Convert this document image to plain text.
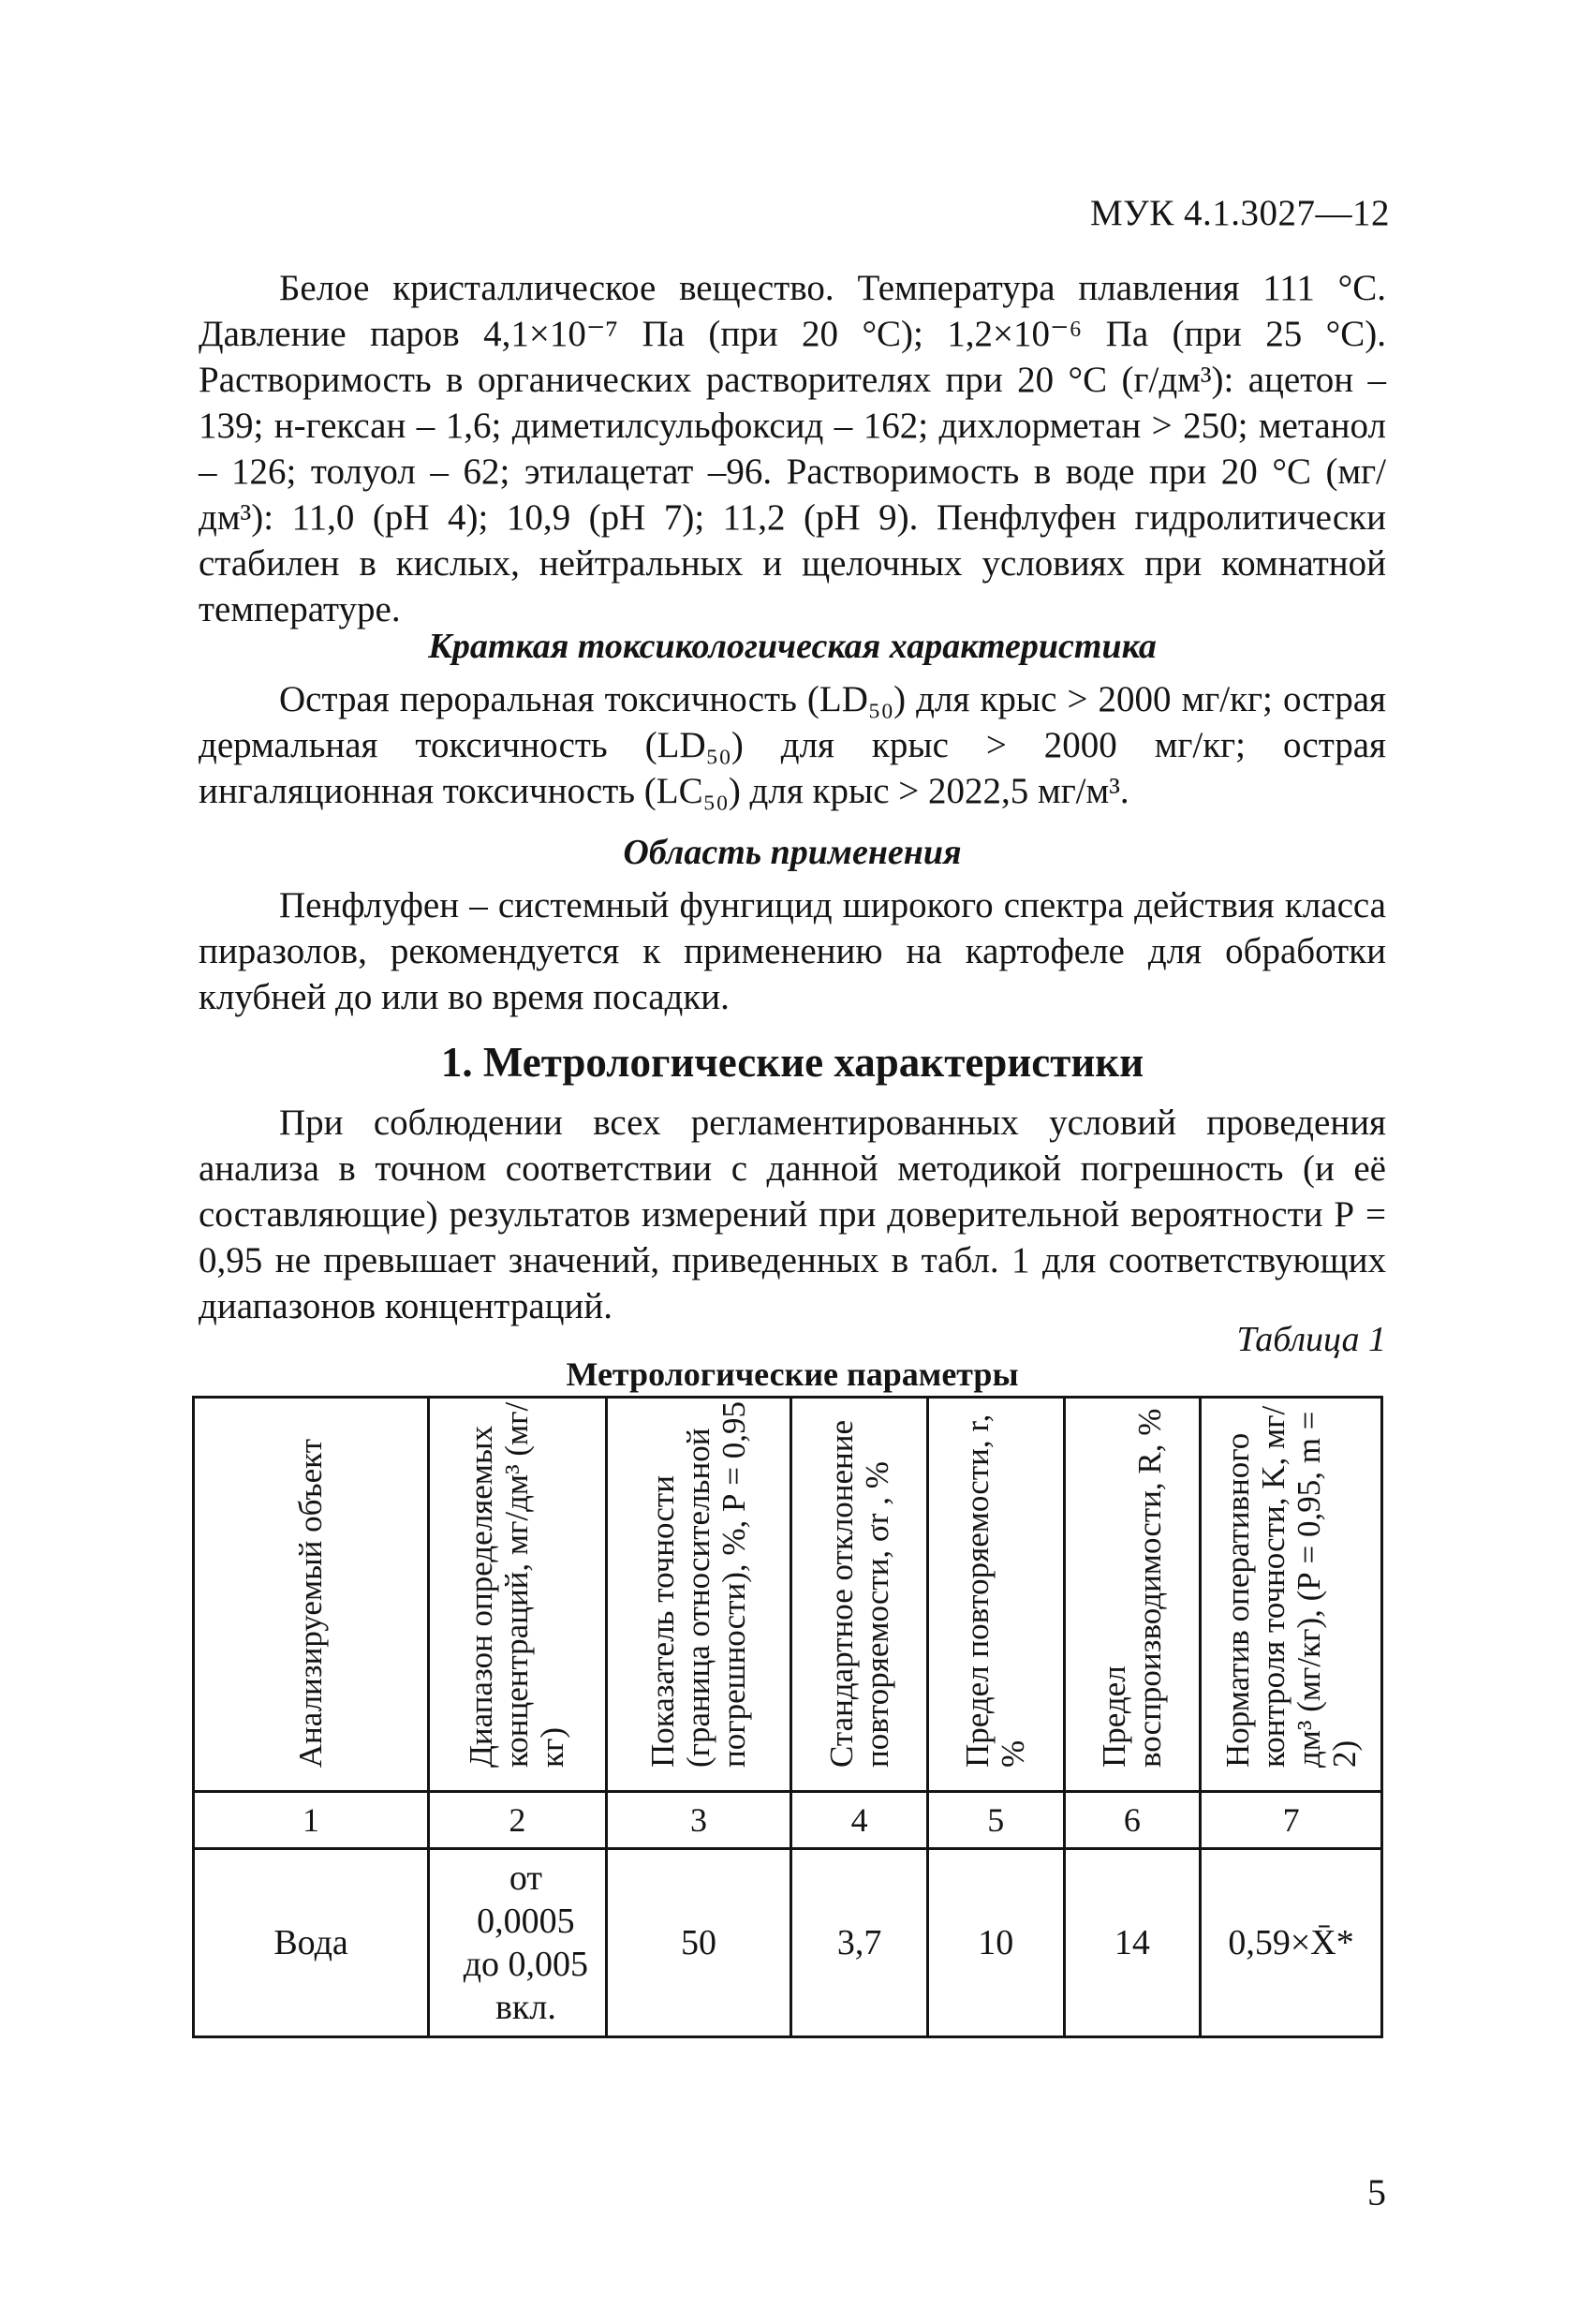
МУК 4.1.3027—12

Белое кристаллическое вещество. Температура плавления 111 °С. Давление паров 4,1×10⁻⁷ Па (при 20 °С); 1,2×10⁻⁶ Па (при 25 °С). Растворимость в органических растворителях при 20 °С (г/дм³): ацетон – 139; н-гексан – 1,6; диметилсульфоксид – 162; дихлорметан > 250; метанол – 126; толуол – 62; этилацетат –96. Растворимость в воде при 20 °С (мг/дм³): 11,0 (рН 4); 10,9 (рН 7); 11,2 (рН 9). Пенфлуфен гидролитически стабилен в кислых, нейтральных и щелочных условиях при комнатной температуре.

Краткая токсикологическая характеристика

Острая пероральная токсичность (LD₅₀) для крыс > 2000 мг/кг; острая дермальная токсичность (LD₅₀) для крыс > 2000 мг/кг; острая ингаляционная токсичность (LC₅₀) для крыс > 2022,5 мг/м³.

Область применения

Пенфлуфен – системный фунгицид широкого спектра действия класса пиразолов, рекомендуется к применению на картофеле для обработки клубней до или во время посадки.

1. Метрологические характеристики

При соблюдении всех регламентированных условий проведения анализа в точном соответствии с данной методикой погрешность (и её составляющие) результатов измерений при доверительной вероятности Р = 0,95 не превышает значений, приведенных в табл. 1 для соответствующих диапазонов концентраций.

Таблица 1
Метрологические параметры
Анализируемый объект	Диапазон определяемых концентраций, мг/дм³ (мг/кг)	Показатель точности (граница относительной погрешности), %, Р = 0,95	Стандартное отклонение повторяемости, σr , %	Предел повторяемости, r, %	Предел воспроизводимости, R, %	Норматив оперативного контроля точности, K, мг/дм³ (мг/кг), (Р = 0,95, m = 2)

1	2	3	4	5	6	7
Вода	от
0,0005
до 0,005
вкл.	50	3,7	10	14	0,59×X̄*
5
